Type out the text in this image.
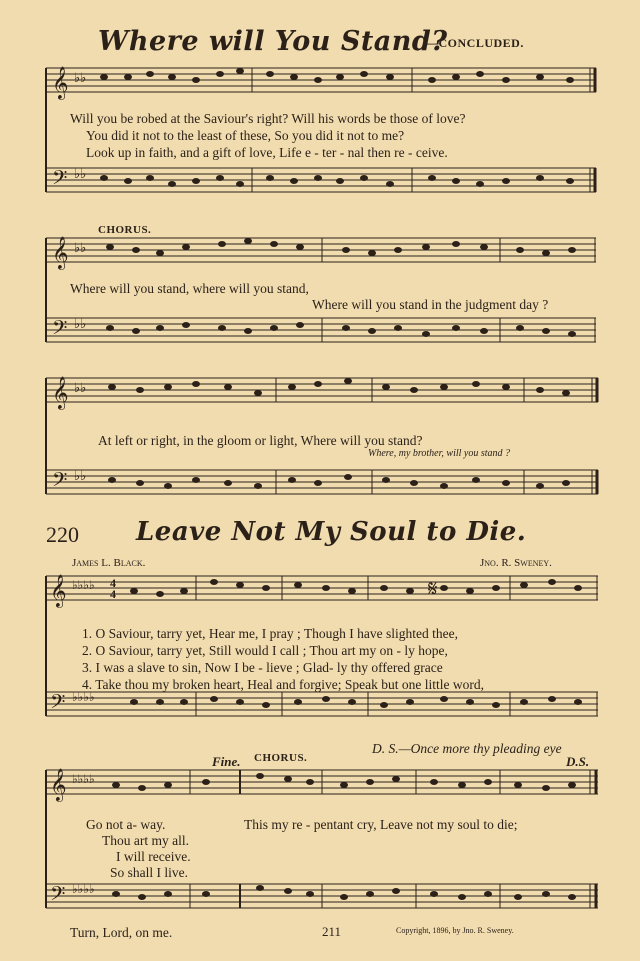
Where will You Stand?
—CONCLUDED.
𝄞
𝄢
♭♭
♭♭
Will you be robed at the Saviour's right? Will his words be those of love?
You did it not to the least of these, So you did it not to me?
Look up in faith, and a gift of love, Life e - ter - nal then re - ceive.
CHORUS.
𝄞
𝄢
♭♭
♭♭
Where will you stand, where will you stand,
Where will you stand in the judgment day ?
𝄞
𝄢
♭♭
♭♭
At left or right, in the gloom or light, Where will you stand?
Where, my brother, will you stand ?
220 Leave Not My Soul to Die.
James L. Black.	Jno. R. Sweney.
𝄞
𝄢
♭♭♭♭
♭♭♭♭
𝄋
4
4
1. O Saviour, tarry yet, Hear me, I pray ; Though I have slighted thee,
2. O Saviour, tarry yet, Still would I call ; Thou art my on - ly hope,
3. I was a slave to sin, Now I be - lieve ; Glad- ly thy offered grace
4. Take thou my broken heart, Heal and forgive; Speak but one little word,
D. S.—Once more thy pleading eye
Fine. CHORUS.	D.S.
𝄞
𝄢
♭♭♭♭
♭♭♭♭
Go not a- way.
Thou art my all.
I will receive.
So shall I live.
This my re - pentant cry, Leave not my soul to die;
Turn, Lord, on me.	211	Copyright, 1896, by Jno. R. Sweney.
